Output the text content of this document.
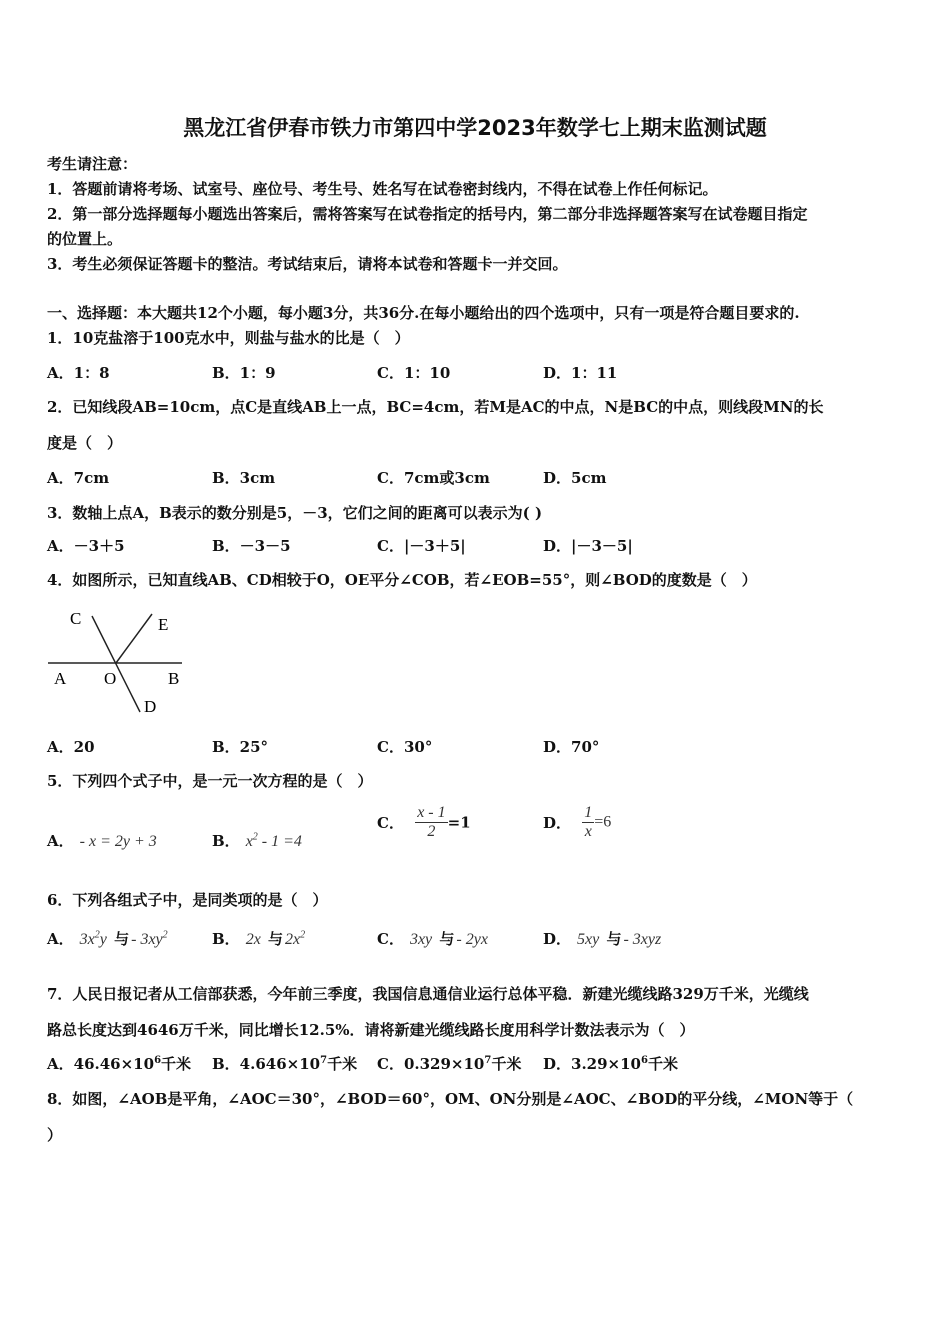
黑龙江省伊春市铁力市第四中学2023年数学七上期末监测试题
考生请注意：
1．答题前请将考场、试室号、座位号、考生号、姓名写在试卷密封线内，不得在试卷上作任何标记。
2．第一部分选择题每小题选出答案后，需将答案写在试卷指定的括号内，第二部分非选择题答案写在试卷题目指定
的位置上。
3．考生必须保证答题卡的整洁。考试结束后，请将本试卷和答题卡一并交回。
一、选择题：本大题共12个小题，每小题3分，共36分.在每小题给出的四个选项中，只有一项是符合题目要求的.
1．10克盐溶于100克水中，则盐与盐水的比是（　）
A．1：8	B．1：9	C．1：10	D．1：11
2．已知线段AB=10cm，点C是直线AB上一点，BC=4cm，若M是AC的中点，N是BC的中点，则线段MN的长
度是（　）
A．7cm	B．3cm	C．7cm或3cm	D．5cm
3．数轴上点A，B表示的数分别是5，－3，它们之间的距离可以表示为( )
A．－3＋5	B．－3－5	C．|－3＋5|	D．|－3－5|
4．如图所示，已知直线AB、CD相较于O，OE平分∠COB，若∠EOB=55°，则∠BOD的度数是（　）
C	E
A O	B
D
A．20	B．25°	C．30°	D．70°
5．下列四个式子中，是一元一次方程的是（　）
A． - x = 2y + 3	B． $x^2 - 1 =4$
C． $\frac{x - 1}{2} =1$	D． $\frac{1}{x} =6$
6．下列各组式子中，是同类项的是（　）
A． $3x^2y$ 与 - $3xy^2$	B． 2x 与 $2x^2$	C． 3xy 与 - 2yx	D． 5xy 与 - 3xyz
7．人民日报记者从工信部获悉，今年前三季度，我国信息通信业运行总体平稳．新建光缆线路329万千米，光缆线
路总长度达到4646万千米，同比增长12.5%．请将新建光缆线路长度用科学计数法表示为（　）
A．$46.46\times 10^6$千米 B．$4.646\times 10^7$千米 C．$0.329\times 10^7$千米 D．$3.29\times 10^6$千米
8．如图，∠AOB是平角，∠AOC＝30°，∠BOD＝60°，OM、ON分别是∠AOC、∠BOD的平分线，∠MON等于（
）
